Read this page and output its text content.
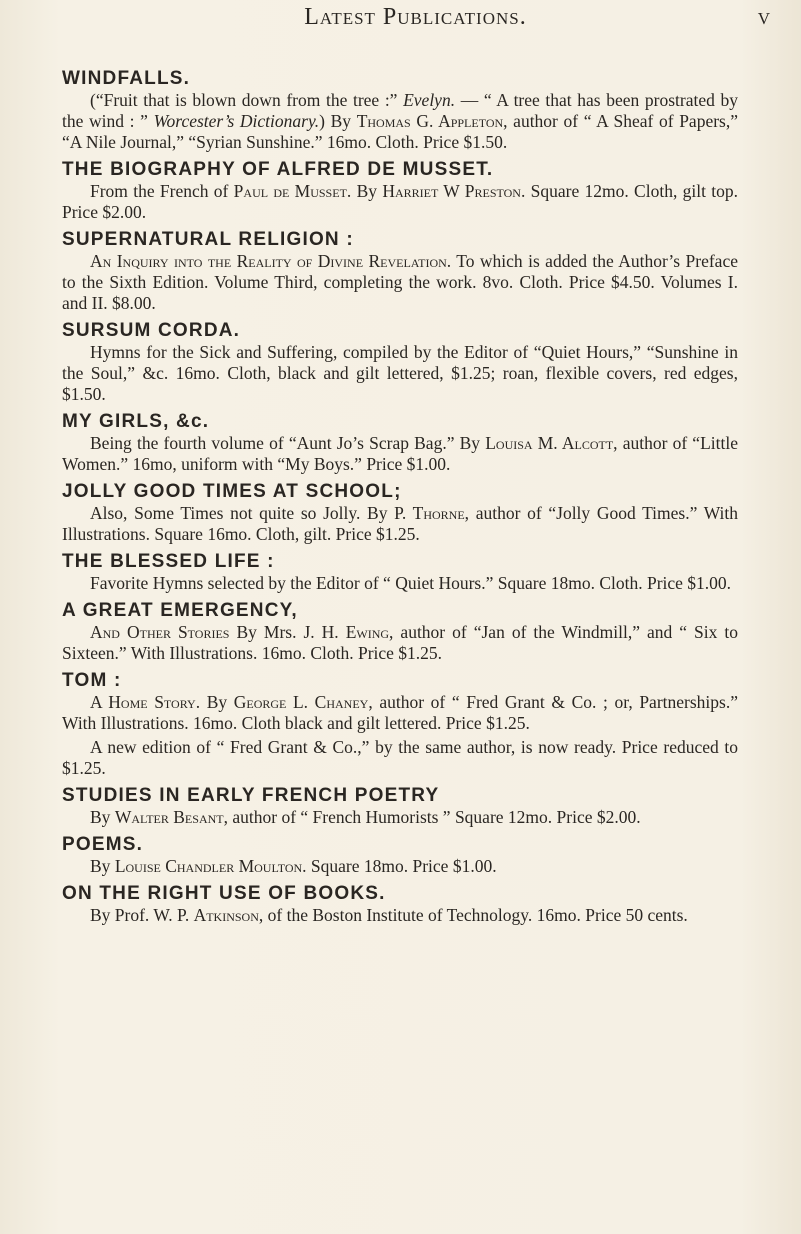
Latest Publications.	v
WINDFALLS.

(“Fruit that is blown down from the tree :” Evelyn. — “ A tree that has been prostrated by the wind : ” Worcester’s Dictionary.) By Thomas G. Appleton, author of “ A Sheaf of Papers,” “A Nile Journal,” “Syrian Sunshine.” 16mo. Cloth. Price $1.50.

THE BIOGRAPHY OF ALFRED DE MUSSET.

From the French of Paul de Musset. By Harriet W Preston. Square 12mo. Cloth, gilt top. Price $2.00.

SUPERNATURAL RELIGION :

An Inquiry into the Reality of Divine Revelation. To which is added the Author’s Preface to the Sixth Edition. Volume Third, completing the work. 8vo. Cloth. Price $4.50. Volumes I. and II. $8.00.

SURSUM CORDA.

Hymns for the Sick and Suffering, compiled by the Editor of “Quiet Hours,” “Sunshine in the Soul,” &c. 16mo. Cloth, black and gilt lettered, $1.25; roan, flexible covers, red edges, $1.50.

MY GIRLS, &c.

Being the fourth volume of “Aunt Jo’s Scrap Bag.” By Louisa M. Alcott, author of “Little Women.” 16mo, uniform with “My Boys.” Price $1.00.

JOLLY GOOD TIMES AT SCHOOL;

Also, Some Times not quite so Jolly. By P. Thorne, author of “Jolly Good Times.” With Illustrations. Square 16mo. Cloth, gilt. Price $1.25.

THE BLESSED LIFE :

Favorite Hymns selected by the Editor of “ Quiet Hours.” Square 18mo. Cloth. Price $1.00.

A GREAT EMERGENCY,

And Other Stories By Mrs. J. H. Ewing, author of “Jan of the Windmill,” and “ Six to Sixteen.” With Illustrations. 16mo. Cloth. Price $1.25.

TOM :

A Home Story. By George L. Chaney, author of “ Fred Grant & Co. ; or, Partnerships.” With Illustrations. 16mo. Cloth black and gilt lettered. Price $1.25.

A new edition of “ Fred Grant & Co.,” by the same author, is now ready. Price reduced to $1.25.

STUDIES IN EARLY FRENCH POETRY

By Walter Besant, author of “ French Humorists ” Square 12mo. Price $2.00.

POEMS.

By Louise Chandler Moulton. Square 18mo. Price $1.00.

ON THE RIGHT USE OF BOOKS.

By Prof. W. P. Atkinson, of the Boston Institute of Technology. 16mo. Price 50 cents.
